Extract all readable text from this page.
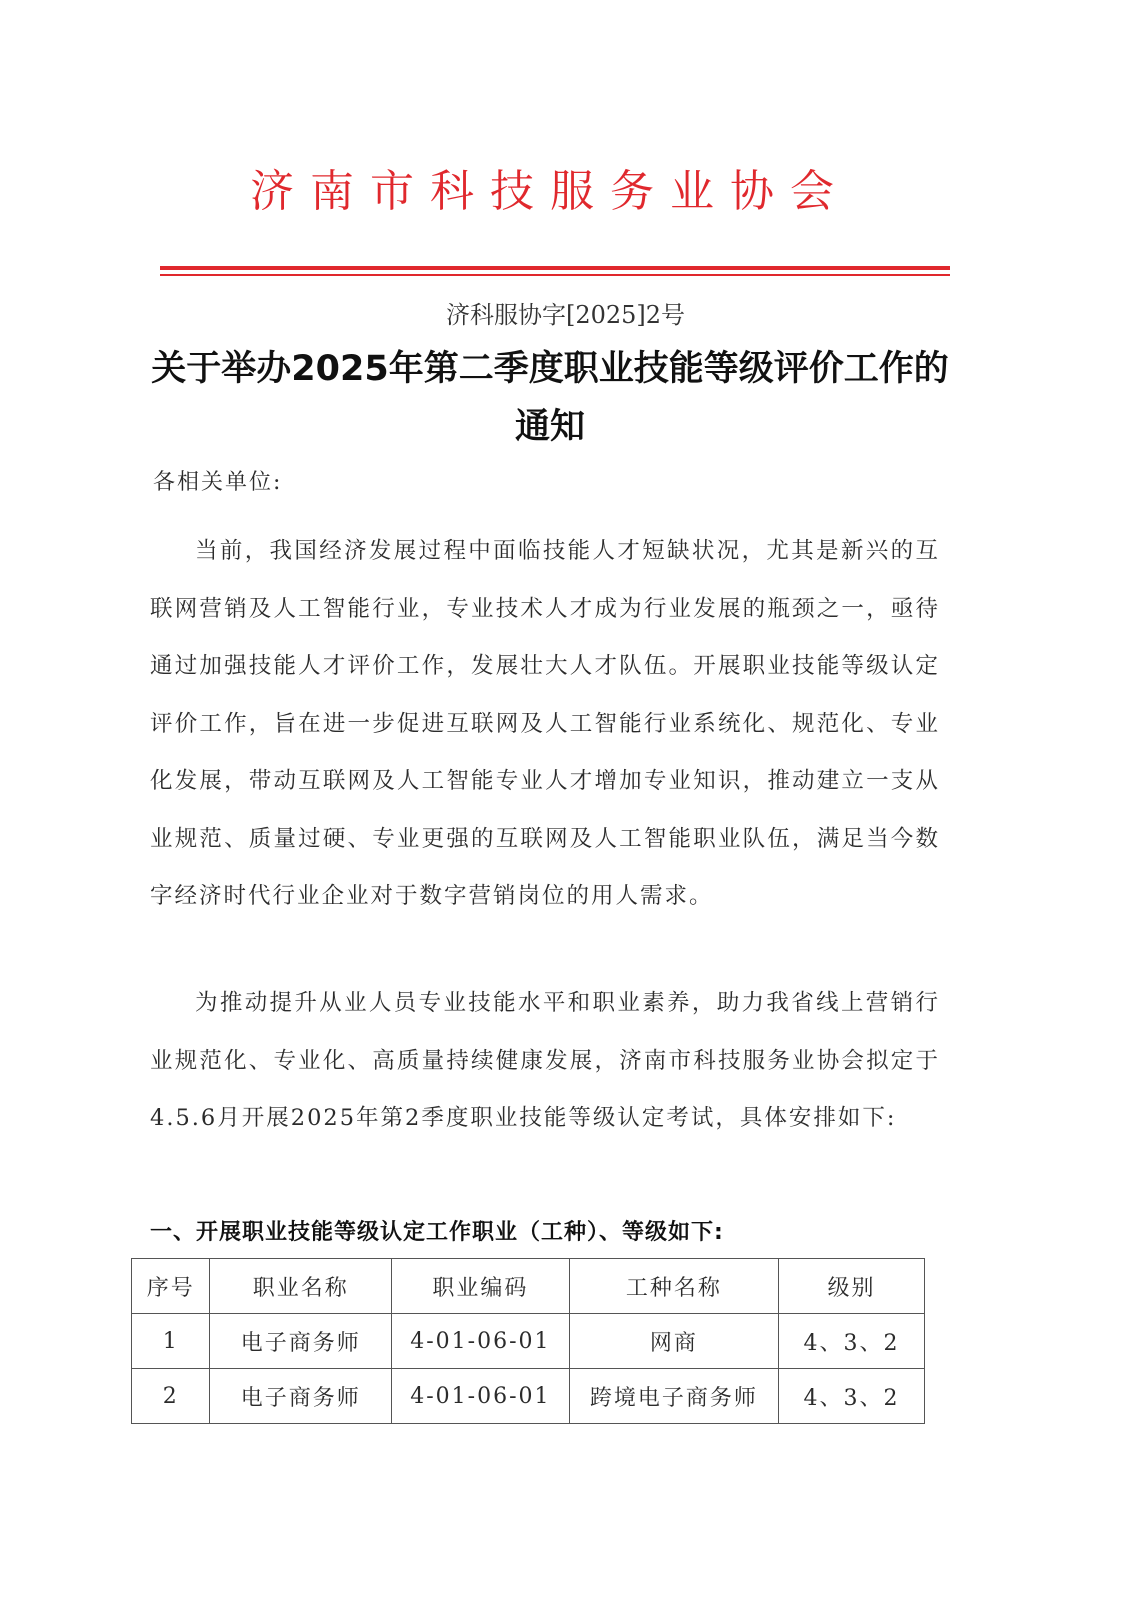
济南市科技服务业协会
济科服协字[2025]2号
关于举办2025年第二季度职业技能等级评价工作的通知
各相关单位:

当前，我国经济发展过程中面临技能人才短缺状况，尤其是新兴的互联网营销及人工智能行业，专业技术人才成为行业发展的瓶颈之一，亟待通过加强技能人才评价工作，发展壮大人才队伍。开展职业技能等级认定评价工作，旨在进一步促进互联网及人工智能行业系统化、规范化、专业化发展，带动互联网及人工智能专业人才增加专业知识，推动建立一支从业规范、质量过硬、专业更强的互联网及人工智能职业队伍，满足当今数字经济时代行业企业对于数字营销岗位的用人需求。

为推动提升从业人员专业技能水平和职业素养，助力我省线上营销行业规范化、专业化、高质量持续健康发展，济南市科技服务业协会拟定于4.5.6月开展2025年第2季度职业技能等级认定考试，具体安排如下:

一、开展职业技能等级认定工作职业（工种）、等级如下:
序号	职业名称	职业编码	工种名称	级别
1	电子商务师	4-01-06-01	网商	4、3、2
2	电子商务师	4-01-06-01	跨境电子商务师	4、3、2
